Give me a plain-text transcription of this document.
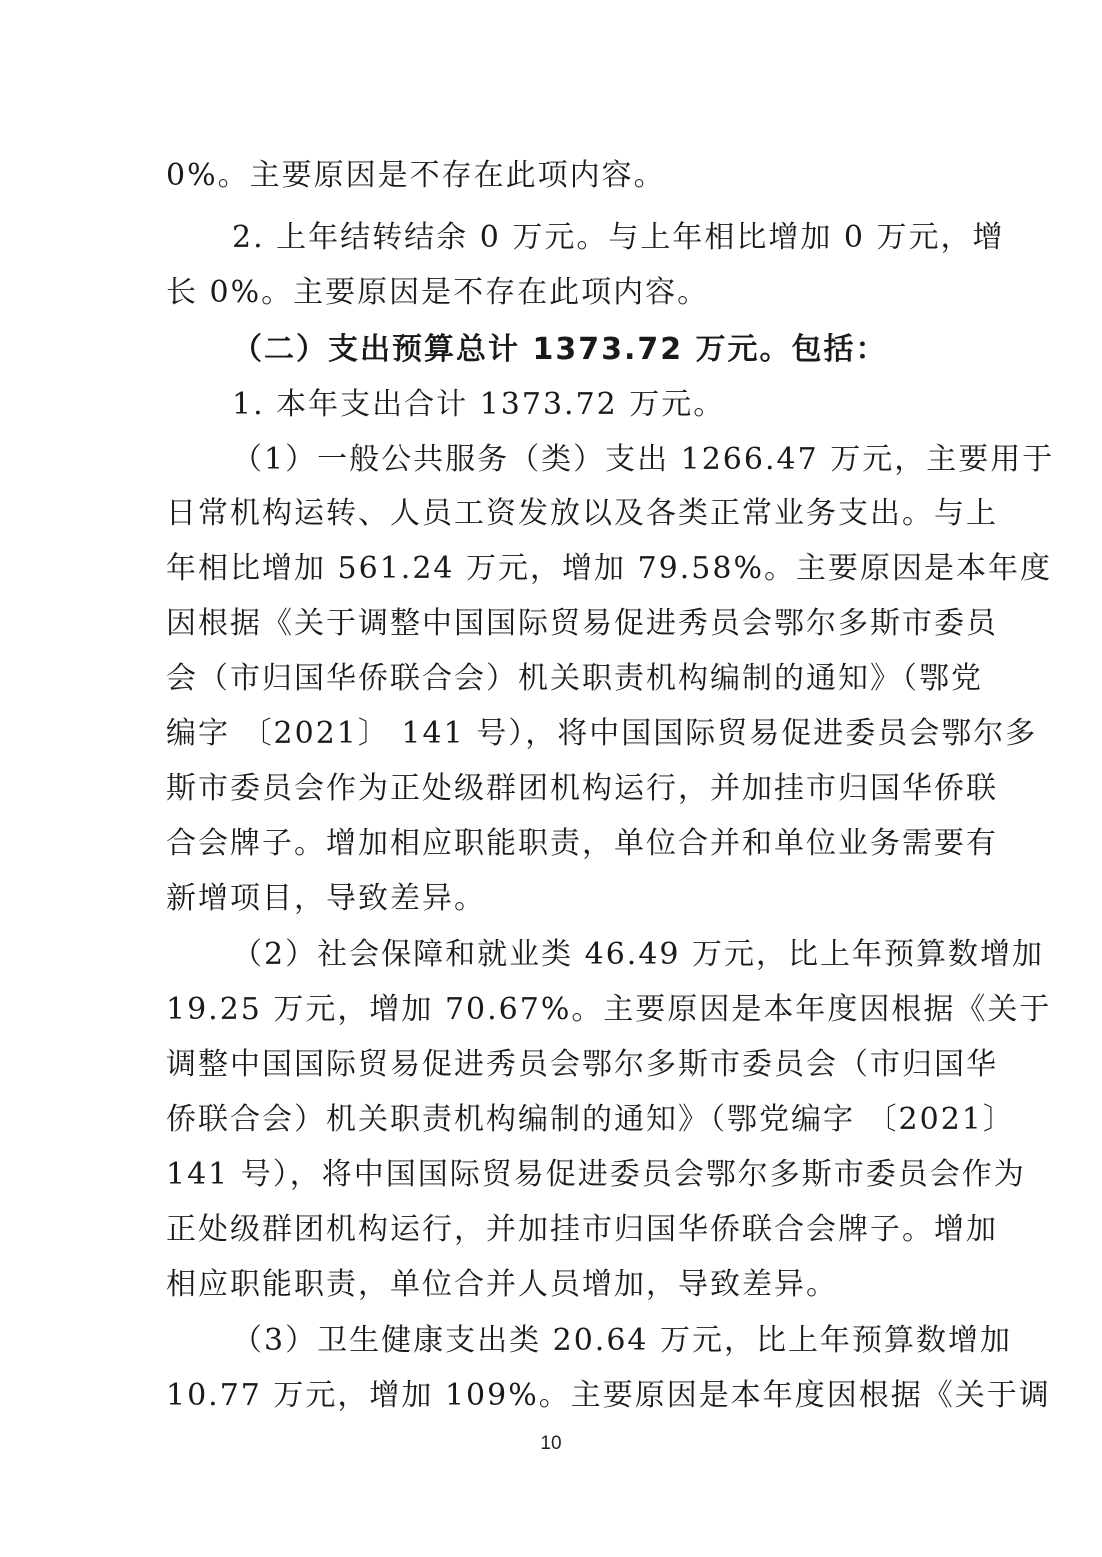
0%。主要原因是不存在此项内容。
2. 上年结转结余 0 万元。与上年相比增加 0 万元，增
长 0%。主要原因是不存在此项内容。
（二）支出预算总计 1373.72 万元。包括：
1. 本年支出合计 1373.72 万元。
（1）一般公共服务（类）支出 1266.47 万元，主要用于
日常机构运转、人员工资发放以及各类正常业务支出。与上
年相比增加 561.24 万元，增加 79.58%。主要原因是本年度
因根据《关于调整中国国际贸易促进秀员会鄂尔多斯市委员
会（市归国华侨联合会）机关职责机构编制的通知》（鄂党
编字 〔2021〕 141 号），将中国国际贸易促进委员会鄂尔多
斯市委员会作为正处级群团机构运行，并加挂市归国华侨联
合会牌子。增加相应职能职责，单位合并和单位业务需要有
新增项目，导致差异。
（2）社会保障和就业类 46.49 万元，比上年预算数增加
19.25 万元，增加 70.67%。主要原因是本年度因根据《关于
调整中国国际贸易促进秀员会鄂尔多斯市委员会（市归国华
侨联合会）机关职责机构编制的通知》（鄂党编字 〔2021〕
141 号），将中国国际贸易促进委员会鄂尔多斯市委员会作为
正处级群团机构运行，并加挂市归国华侨联合会牌子。增加
相应职能职责，单位合并人员增加，导致差异。
（3）卫生健康支出类 20.64 万元，比上年预算数增加
10.77 万元，增加 109%。主要原因是本年度因根据《关于调
10
